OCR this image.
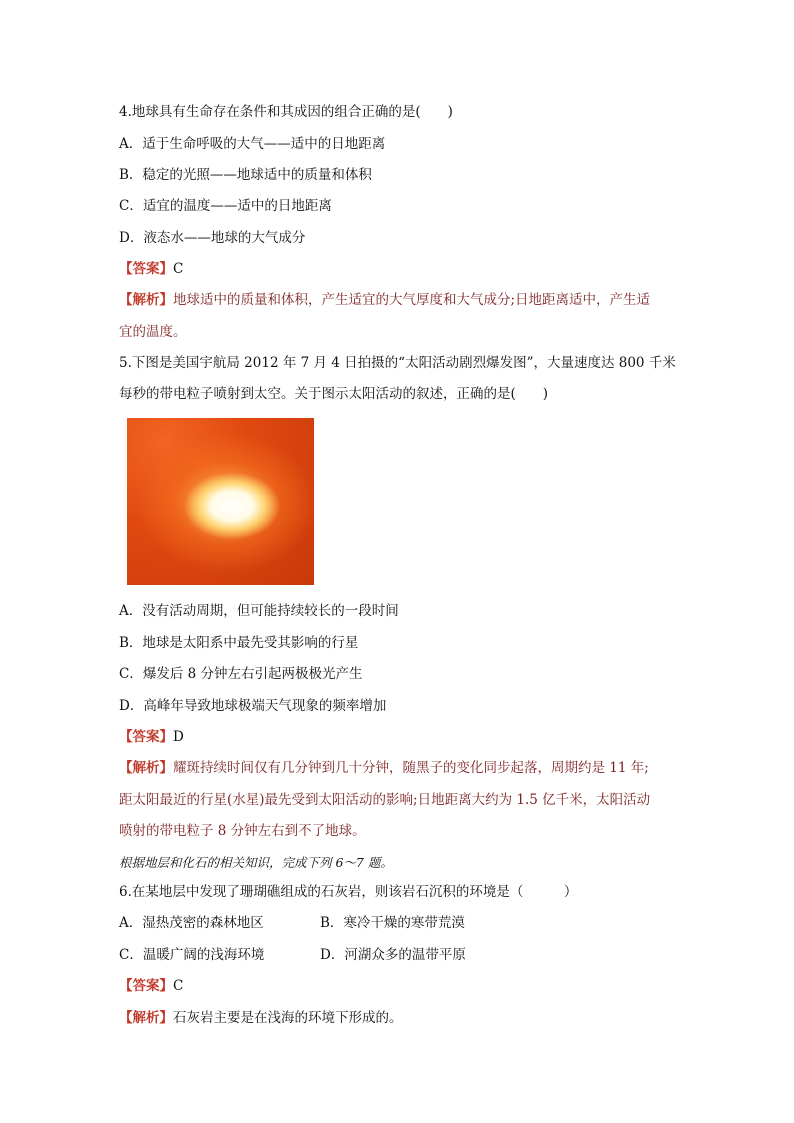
4.地球具有生命存在条件和其成因的组合正确的是(　　)
A．适于生命呼吸的大气——适中的日地距离
B．稳定的光照——地球适中的质量和体积
C．适宜的温度——适中的日地距离
D．液态水——地球的大气成分
【答案】C
【解析】地球适中的质量和体积，产生适宜的大气厚度和大气成分;日地距离适中，产生适
宜的温度。
5.下图是美国宇航局 2012 年 7 月 4 日拍摄的“太阳活动剧烈爆发图”，大量速度达 800 千米
每秒的带电粒子喷射到太空。关于图示太阳活动的叙述，正确的是(　　)
A．没有活动周期，但可能持续较长的一段时间
B．地球是太阳系中最先受其影响的行星
C．爆发后 8 分钟左右引起两极极光产生
D．高峰年导致地球极端天气现象的频率增加
【答案】D
【解析】耀斑持续时间仅有几分钟到几十分钟，随黑子的变化同步起落，周期约是 11 年;
距太阳最近的行星(水星)最先受到太阳活动的影响;日地距离大约为 1.5 亿千米，太阳活动
喷射的带电粒子 8 分钟左右到不了地球。
根据地层和化石的相关知识，完成下列 6～7 题。
6.在某地层中发现了珊瑚礁组成的石灰岩，则该岩石沉积的环境是（　　　）
A．湿热茂密的森林地区	B．寒冷干燥的寒带荒漠
C．温暖广阔的浅海环境	D．河湖众多的温带平原
【答案】C
【解析】石灰岩主要是在浅海的环境下形成的。
